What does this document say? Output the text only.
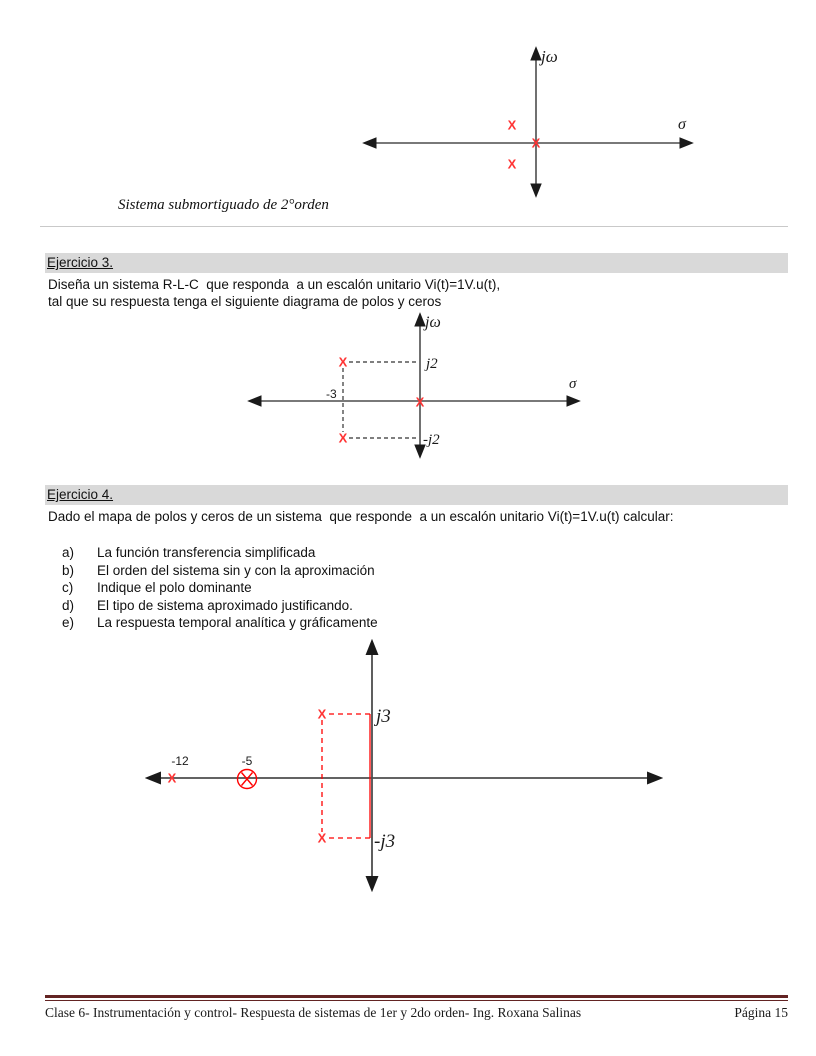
jω
σ
X
X
X
Sistema submortiguado de 2°orden
Ejercicio 3.
Diseña un sistema R-L-C  que responda  a un escalón unitario Vi(t)=1V.u(t),
tal que su respuesta tenga el siguiente diagrama de polos y ceros
jω
σ
j2
-j2
-3
X
X
X
Ejercicio 4.
Dado el mapa de polos y ceros de un sistema  que responde  a un escalón unitario Vi(t)=1V.u(t) calcular:
a)	La función transferencia simplificada
b)	El orden del sistema sin y con la aproximación
c)	Indique el polo dominante
d)	El tipo de sistema aproximado justificando.
e)	La respuesta temporal analítica y gráficamente
X
-12	-5
X
X
j3
-j3
Clase 6- Instrumentación y control- Respuesta de sistemas de 1er y 2do orden- Ing. Roxana Salinas	Página 15
